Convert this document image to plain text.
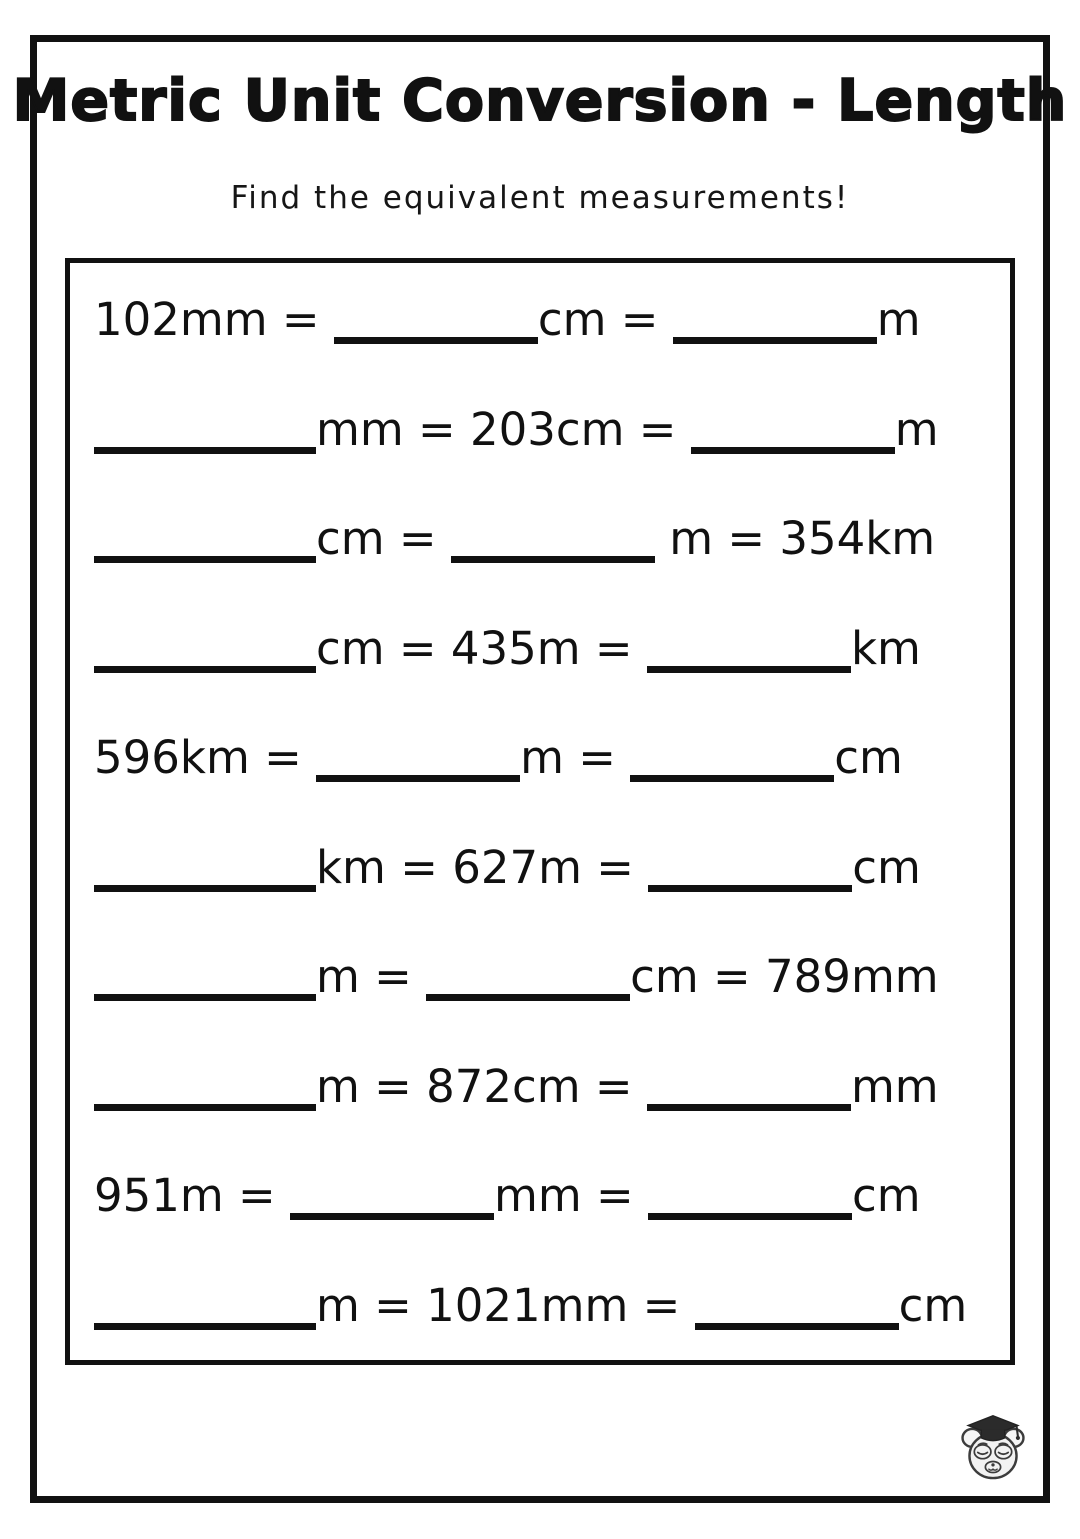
Metric Unit Conversion - Length
Find the equivalent measurements!
102mm =	cm =	m
mm = 203cm =	m
cm =	m = 354km
cm = 435m =	km
596km =	m =	cm
km = 627m =	cm
m =	cm = 789mm
m = 872cm =	mm
951m =	mm =	cm
m = 1021mm =	cm
